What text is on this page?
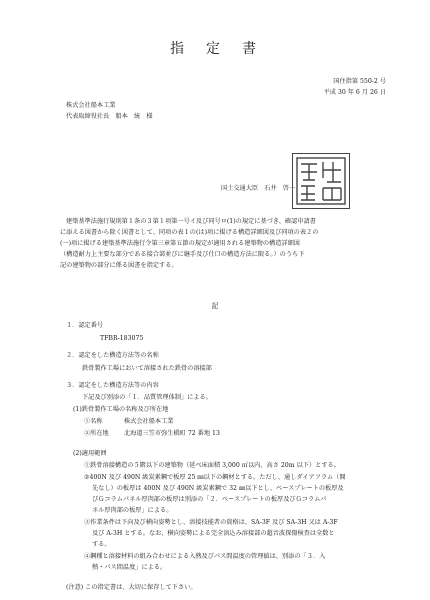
指　定　書
国住指第 550-2 号
平成 30 年 6 月 26 日
株式会社船本工業
代表取締役社長　船本　統　様
国土交通大臣　石井　啓一

建築基準法施行規則第１条の３第１項第一号イ及び同号ロ(1)の規定に基づき、確認申請書

に添える図書から除く図書として、同項の表１の(は)項に掲げる構造詳細図及び同項の表２の

(一)項に掲げる建築基準法施行令第三章第五節の規定が適用される建築物の構造詳細図

（構造耐力上主要な部分である接合部並びに継手及び仕口の構造方法に限る。）のうち下

記の建築物の部分に係る図書を指定する。

記
１．認定番号
TFBR-183075
２．認定をした構造方法等の名称
鉄骨製作工場において溶接された鉄骨の溶接部
３．認定をした構造方法等の内容
下記及び別添の「１．品質管理体制」による。
(1)鉄骨製作工場の名称及び所在地
①名称	株式会社船本工業
②所在地 北海道三笠市弥生橋町 72 番地 13
(2)適用範囲
①鉄骨溶接構造の５階以下の建築物（延べ床面積 3,000 ㎡以内、高さ 20m 以下）とする。
②400N 及び 490N 級炭素鋼で板厚 25 ㎜以下の鋼材とする。ただし、通しダイアフラム（開
先なし）の板厚は 400N 及び 490N 級炭素鋼で 32 ㎜以下とし、ベースプレートの板厚及
びＧコラムパネル厚肉部の板厚は別添の「２．ベースプレートの板厚及びＧコラムパ
ネル厚肉部の板厚」による。
③作業条件は下向及び横向姿勢とし、溶接技能者の資格は、SA-3F 及び SA-3H 又は A-3F
及び A-3H とする。なお、横向姿勢による完全溶込み溶接部の超音波探傷検査は全数と
する。
④鋼種と溶接材料の組み合わせによる入熱及びパス間温度の管理値は、別添の「３．入
熱・パス間温度」による。
(注意) この指定書は、大切に保存して下さい。
